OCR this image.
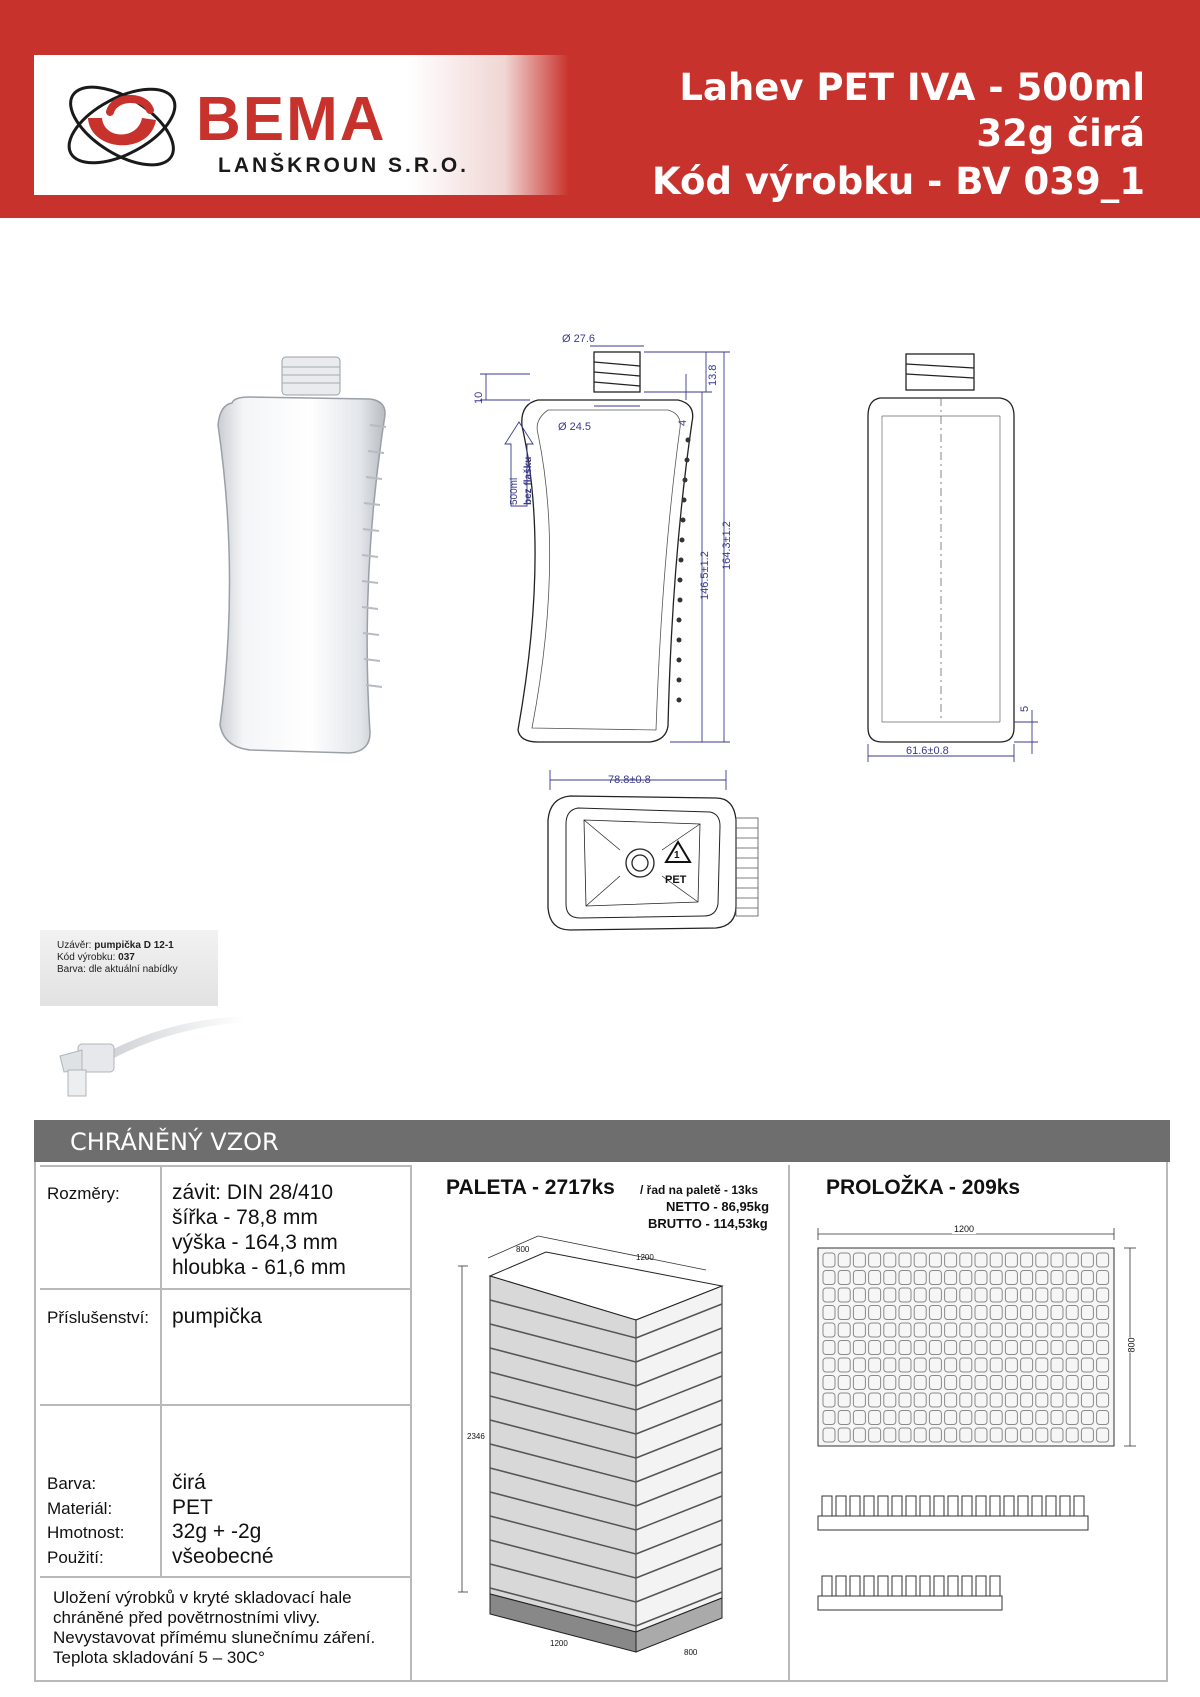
BEMA
LANŠKROUN S.R.O.
Lahev PET IVA - 500ml
32g čirá
Kód výrobku - BV 039_1
Ø 27.6
Ø 24.5
13.8
10
4
146.5±1.2
164.3±1.2
500ml bez flašku
61.6±0.8
5
78.8±0.8
1
PET
Uzávěr: pumpička D 12-1
Kód výrobku: 037
Barva: dle aktuální nabídky
CHRÁNĚNÝ VZOR
Rozměry: závit: DIN 28/410
šířka - 78,8 mm
výška - 164,3 mm
hloubka - 61,6 mm
Příslušenství: pumpička
Barva:	čirá
Materiál:	PET
Hmotnost: 32g + -2g
Použití:	všeobecné
Uložení výrobků v kryté skladovací hale
chráněné před povětrnostními vlivy.
Nevystavovat přímému slunečnímu záření.
Teplota skladování 5 – 30C°
PALETA - 2717ks / řad na paletě - 13ks
NETTO - 86,95kg
BRUTTO - 114,53kg
800
1200
2346
1200
800
PROLOŽKA - 209ks
1200
800
